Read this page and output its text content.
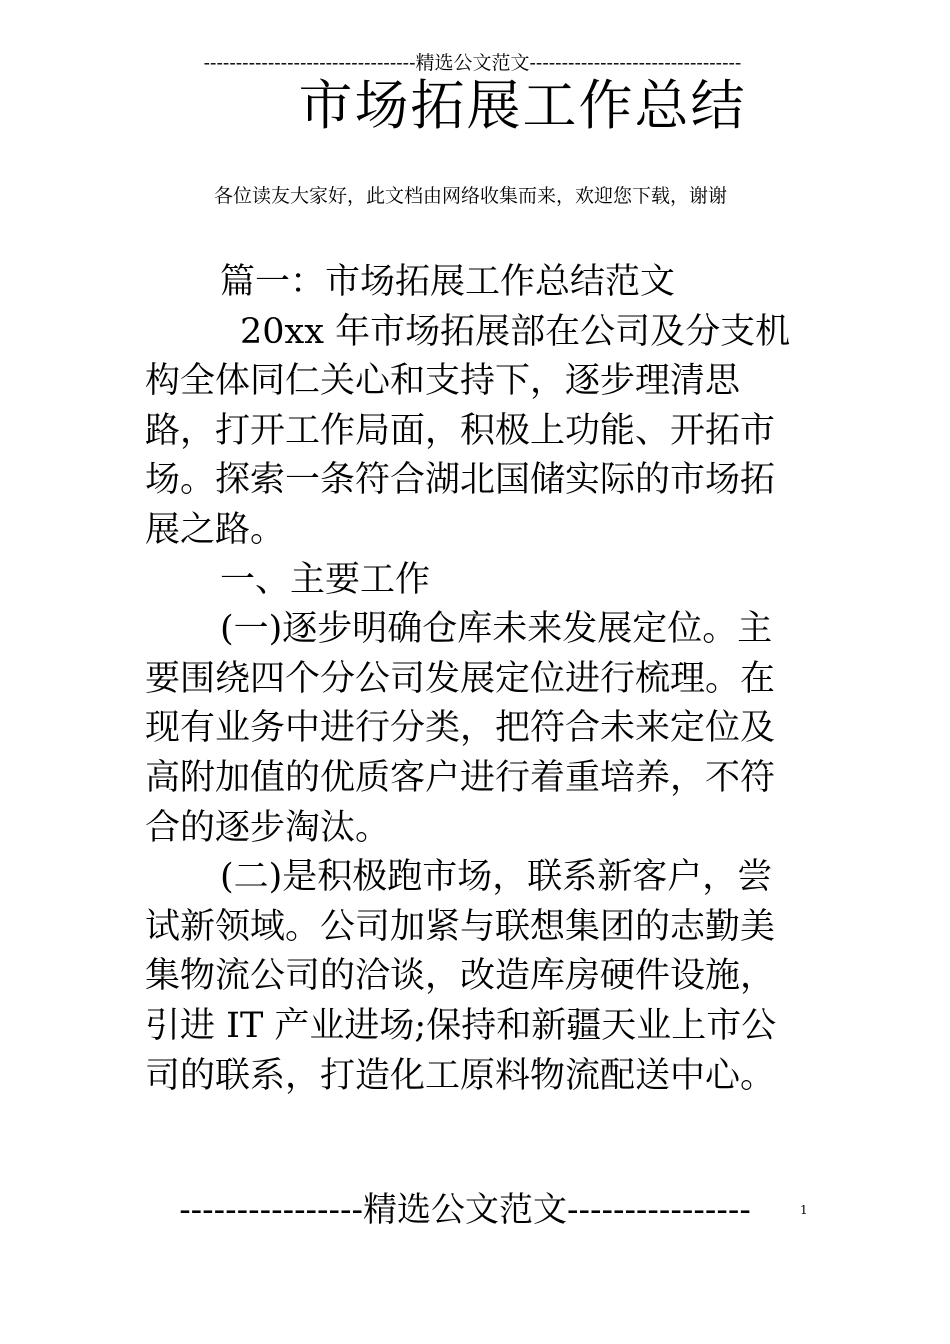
---------------------------------精选公文范文---------------------------------
市场拓展工作总结
各位读友大家好，此文档由网络收集而来，欢迎您下载，谢谢

篇一：市场拓展工作总结范文

20xx 年市场拓展部在公司及分支机构全体同仁关心和支持下，逐步理清思路，打开工作局面，积极上功能、开拓市场。探索一条符合湖北国储实际的市场拓展之路。

一、主要工作

(一)逐步明确仓库未来发展定位。主要围绕四个分公司发展定位进行梳理。在现有业务中进行分类，把符合未来定位及高附加值的优质客户进行着重培养，不符合的逐步淘汰。

(二)是积极跑市场，联系新客户，尝试新领域。公司加紧与联想集团的志勤美集物流公司的洽谈，改造库房硬件设施，引进 IT 产业进场;保持和新疆天业上市公司的联系，打造化工原料物流配送中心。

----------------精选公文范文----------------	1
